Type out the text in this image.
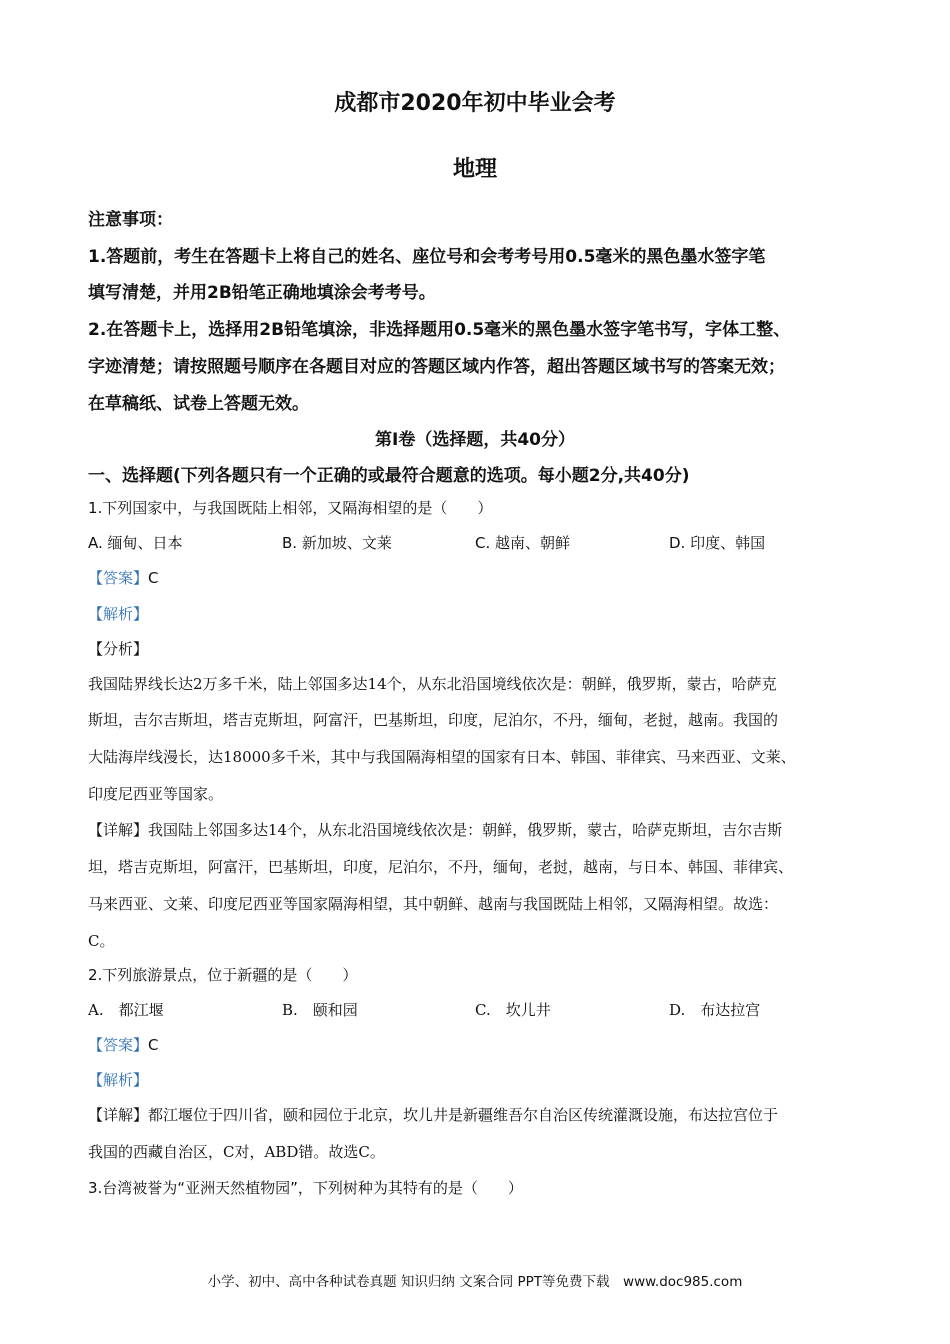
成都市2020年初中毕业会考
地理
注意事项：
1.答题前，考生在答题卡上将自己的姓名、座位号和会考考号用0.5毫米的黑色墨水签字笔
填写清楚，并用2B铅笔正确地填涂会考考号。
2.在答题卡上，选择用2B铅笔填涂，非选择题用0.5毫米的黑色墨水签字笔书写，字体工整、
字迹清楚；请按照题号顺序在各题目对应的答题区域内作答，超出答题区域书写的答案无效；
在草稿纸、试卷上答题无效。
第Ⅰ卷（选择题，共40分）
一、选择题(下列各题只有一个正确的或最符合题意的选项。每小题2分,共40分)
1.下列国家中，与我国既陆上相邻，又隔海相望的是（　　）
A. 缅甸、日本	B. 新加坡、文莱	C. 越南、朝鲜	D. 印度、韩国
【答案】C
【解析】
【分析】
我国陆界线长达2万多千米，陆上邻国多达14个，从东北沿国境线依次是：朝鲜，俄罗斯，蒙古，哈萨克
斯坦，吉尔吉斯坦，塔吉克斯坦，阿富汗，巴基斯坦，印度，尼泊尔，不丹，缅甸，老挝，越南。我国的
大陆海岸线漫长，达18000多千米，其中与我国隔海相望的国家有日本、韩国、菲律宾、马来西亚、文莱、
印度尼西亚等国家。
【详解】我国陆上邻国多达14个，从东北沿国境线依次是：朝鲜，俄罗斯，蒙古，哈萨克斯坦，吉尔吉斯
坦，塔吉克斯坦，阿富汗，巴基斯坦，印度，尼泊尔，不丹，缅甸，老挝，越南，与日本、韩国、菲律宾、
马来西亚、文莱、印度尼西亚等国家隔海相望，其中朝鲜、越南与我国既陆上相邻，又隔海相望。故选：
C。
2.下列旅游景点，位于新疆的是（　　）
A.　都江堰	B.　颐和园	C.　坎儿井	D.　布达拉宫
【答案】C
【解析】
【详解】都江堰位于四川省，颐和园位于北京，坎儿井是新疆维吾尔自治区传统灌溉设施，布达拉宫位于
我国的西藏自治区，C对，ABD错。故选C。
3.台湾被誉为“亚洲天然植物园”，下列树种为其特有的是（　　）
小学、初中、高中各种试卷真题 知识归纳 文案合同 PPT等免费下载　www.doc985.com
